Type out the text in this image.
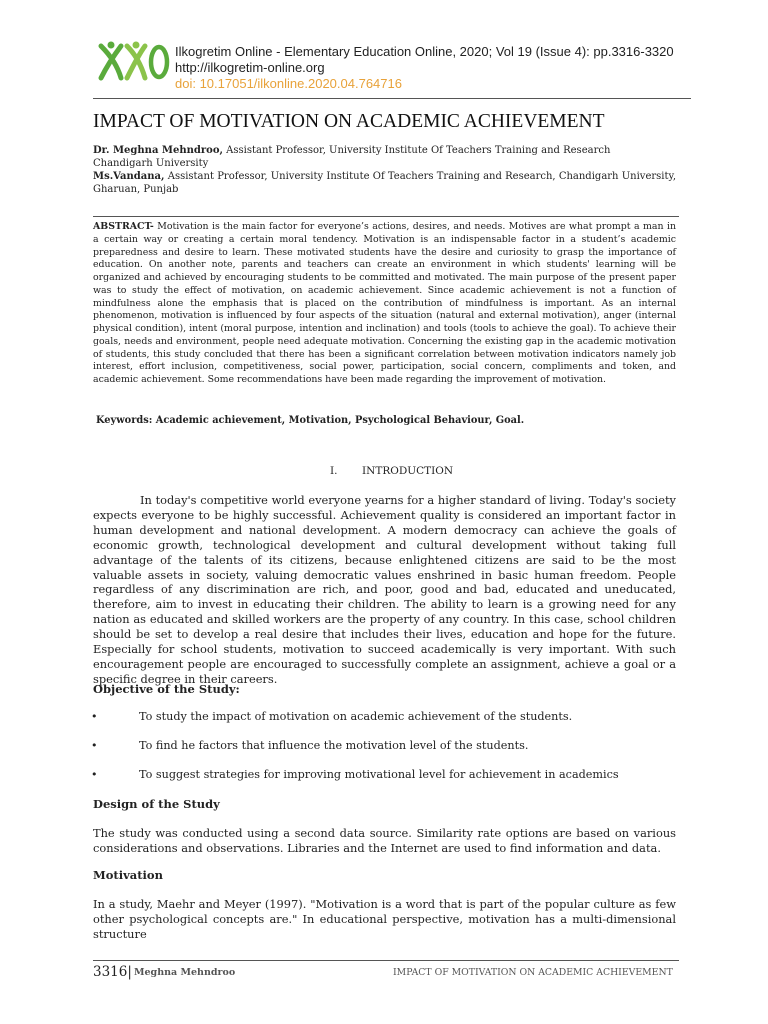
Ilkogretim Online - Elementary Education Online, 2020; Vol 19 (Issue 4): pp.3316-3320
http://ilkogretim-online.org
doi: 10.17051/ilkonline.2020.04.764716
IMPACT OF MOTIVATION ON ACADEMIC ACHIEVEMENT
Dr. Meghna Mehndroo, Assistant Professor, University Institute Of Teachers Training and Research
Chandigarh University
Ms.Vandana, Assistant Professor, University Institute Of Teachers Training and Research, Chandigarh University, Gharuan, Punjab
ABSTRACT- Motivation is the main factor for everyone’s actions, desires, and needs. Motives are what prompt a man in a certain way or creating a certain moral tendency. Motivation is an indispensable factor in a student’s academic preparedness and desire to learn. These motivated students have the desire and curiosity to grasp the importance of education. On another note, parents and teachers can create an environment in which students' learning will be organized and achieved by encouraging students to be committed and motivated. The main purpose of the present paper was to study the effect of motivation, on academic achievement. Since academic achievement is not a function of mindfulness alone the emphasis that is placed on the contribution of mindfulness is important. As an internal phenomenon, motivation is influenced by four aspects of the situation (natural and external motivation), anger (internal physical condition), intent (moral purpose, intention and inclination) and tools (tools to achieve the goal). To achieve their goals, needs and environment, people need adequate motivation. Concerning the existing gap in the academic motivation of students, this study concluded that there has been a significant correlation between motivation indicators namely job interest, effort inclusion, competitiveness, social power, participation, social concern, compliments and token, and academic achievement. Some recommendations have been made regarding the improvement of motivation.
Keywords: Academic achievement, Motivation, Psychological Behaviour, Goal.
I. INTRODUCTION
In today's competitive world everyone yearns for a higher standard of living. Today's society expects everyone to be highly successful. Achievement quality is considered an important factor in human development and national development. A modern democracy can achieve the goals of economic growth, technological development and cultural development without taking full advantage of the talents of its citizens, because enlightened citizens are said to be the most valuable assets in society, valuing democratic values enshrined in basic human freedom. People regardless of any discrimination are rich, and poor, good and bad, educated and uneducated, therefore, aim to invest in educating their children. The ability to learn is a growing need for any nation as educated and skilled workers are the property of any country. In this case, school children should be set to develop a real desire that includes their lives, education and hope for the future. Especially for school students, motivation to succeed academically is very important. With such encouragement people are encouraged to successfully complete an assignment, achieve a goal or a specific degree in their careers.
Objective of the Study:
•	To study the impact of motivation on academic achievement of the students.
•	To find he factors that influence the motivation level of the students.
•	To suggest strategies for improving motivational level for achievement in academics
Design of the Study
The study was conducted using a second data source. Similarity rate options are based on various considerations and observations. Libraries and the Internet are used to find information and data.
Motivation
In a study, Maehr and Meyer (1997). "Motivation is a word that is part of the popular culture as few other psychological concepts are." In educational perspective, motivation has a multi-dimensional structure
3316| Meghna Mehndroo	IMPACT OF MOTIVATION ON ACADEMIC ACHIEVEMENT
